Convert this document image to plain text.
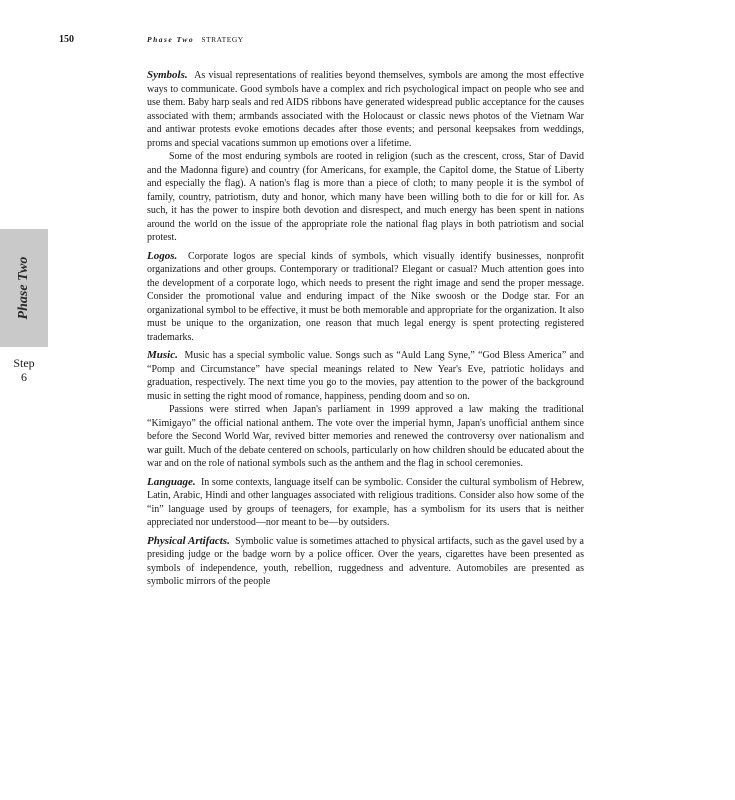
150	Phase Two STRATEGY
Phase Two
Step
6

Symbols. As visual representations of realities beyond themselves, symbols are among the most effective ways to communicate. Good symbols have a complex and rich psychological impact on people who see and use them. Baby harp seals and red AIDS ribbons have generated widespread public acceptance for the causes associated with them; armbands associated with the Holocaust or classic news photos of the Vietnam War and antiwar protests evoke emotions decades after those events; and personal keepsakes from weddings, proms and special vacations summon up emotions over a lifetime.

Some of the most enduring symbols are rooted in religion (such as the crescent, cross, Star of David and the Madonna figure) and country (for Americans, for example, the Capitol dome, the Statue of Liberty and especially the flag). A nation's flag is more than a piece of cloth; to many people it is the symbol of family, country, patriotism, duty and honor, which many have been willing both to die for or kill for. As such, it has the power to inspire both devotion and disrespect, and much energy has been spent in nations around the world on the issue of the appropriate role the national flag plays in both patriotism and social protest.

Logos. Corporate logos are special kinds of symbols, which visually identify businesses, nonprofit organizations and other groups. Contemporary or traditional? Elegant or casual? Much attention goes into the development of a corporate logo, which needs to present the right image and send the proper message. Consider the promotional value and enduring impact of the Nike swoosh or the Dodge star. For an organizational symbol to be effective, it must be both memorable and appropriate for the organization. It also must be unique to the organization, one reason that much legal energy is spent protecting registered trademarks.

Music. Music has a special symbolic value. Songs such as “Auld Lang Syne,” “God Bless America” and “Pomp and Circumstance” have special meanings related to New Year's Eve, patriotic holidays and graduation, respectively. The next time you go to the movies, pay attention to the power of the background music in setting the right mood of romance, happiness, pending doom and so on.

Passions were stirred when Japan's parliament in 1999 approved a law making the traditional “Kimigayo” the official national anthem. The vote over the imperial hymn, Japan's unofficial anthem since before the Second World War, revived bitter memories and renewed the controversy over nationalism and war guilt. Much of the debate centered on schools, particularly on how children should be educated about the war and on the role of national symbols such as the anthem and the flag in school ceremonies.

Language. In some contexts, language itself can be symbolic. Consider the cultural symbolism of Hebrew, Latin, Arabic, Hindi and other languages associated with religious traditions. Consider also how some of the “in” language used by groups of teenagers, for example, has a symbolism for its users that is neither appreciated nor understood—nor meant to be—by outsiders.

Physical Artifacts. Symbolic value is sometimes attached to physical artifacts, such as the gavel used by a presiding judge or the badge worn by a police officer. Over the years, cigarettes have been presented as symbols of independence, youth, rebellion, ruggedness and adventure. Automobiles are presented as symbolic mirrors of the people
